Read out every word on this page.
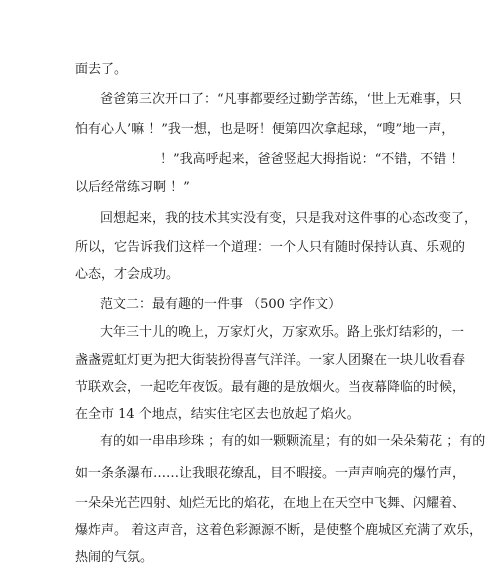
面去了。

爸爸第三次开口了：“凡事都要经过勤学苦练，‘世上无难事，只

怕有心人’嘛 ！”我一想，也是呀！便第四次拿起球，“嗖”地一声，

！”我高呼起来，爸爸竖起大拇指说：“不错，不错 ！

以后经常练习啊 ！”

回想起来，我的技术其实没有变，只是我对这件事的心态改变了，

所以，它告诉我们这样一个道理：一个人只有随时保持认真、乐观的

心态，才会成功。

范文二：最有趣的一件事 （500 字作文）

大年三十儿的晚上，万家灯火，万家欢乐。路上张灯结彩的，一

盏盏霓虹灯更为把大街装扮得喜气洋洋。一家人团聚在一块儿收看春

节联欢会，一起吃年夜饭。最有趣的是放烟火。当夜幕降临的时候，

在全市 14 个地点，结实住宅区去也放起了焰火。

有的如一串串珍珠 ；有的如一颗颗流星；有的如一朵朵菊花 ；有的

如一条条瀑布……让我眼花缭乱，目不暇接。一声声响亮的爆竹声，

一朵朵光芒四射、灿烂无比的焰花，在地上在天空中飞舞、闪耀着、

爆炸声。 着这声音，这着色彩源源不断，是使整个鹿城区充满了欢乐，

热闹的气氛。
